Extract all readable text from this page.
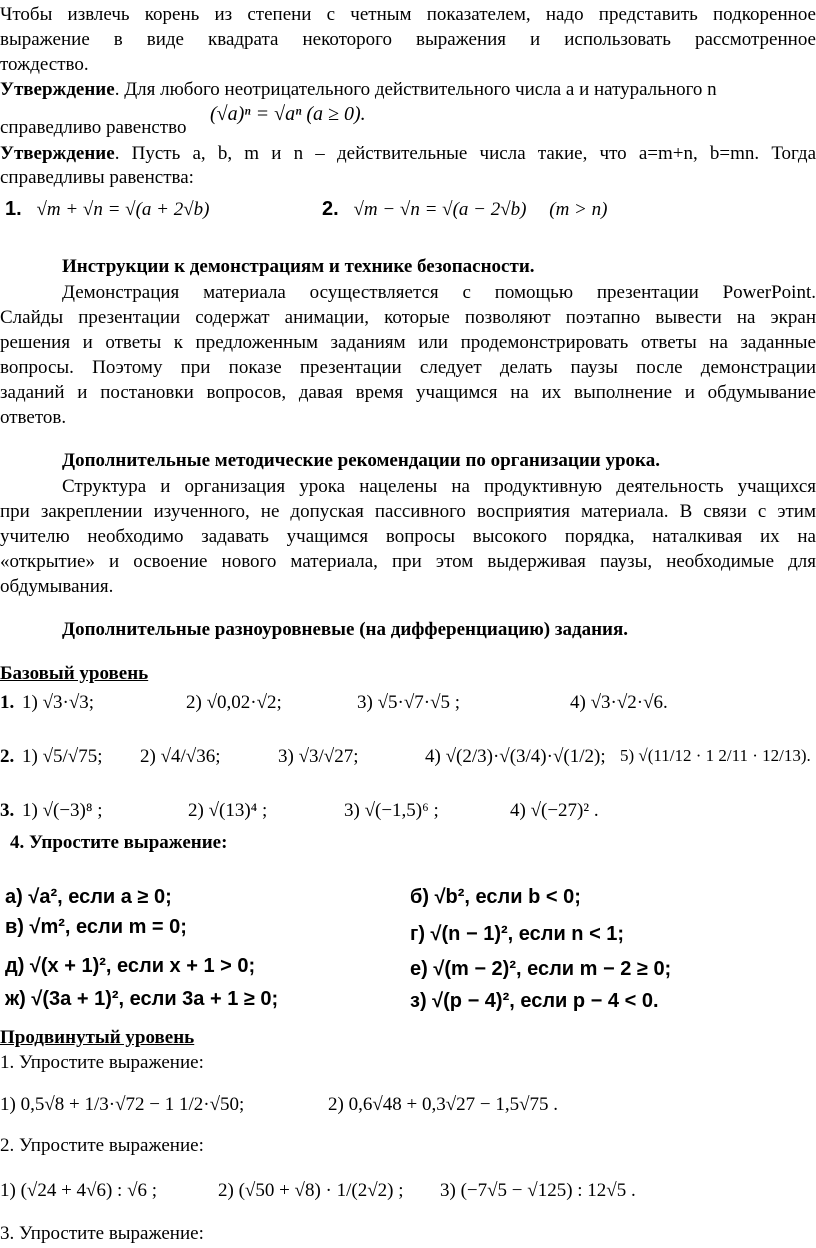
Чтобы извлечь корень из степени с четным показателем, надо представить подкоренное
выражение в виде квадрата некоторого выражения и использовать рассмотренное
тождество.
Утверждение. Для любого неотрицательного действительного числа а и натурального n
справедливо равенство
(√a)ⁿ = √aⁿ (a ≥ 0).
Утверждение. Пусть a, b, m и n – действительные числа такие, что a=m+n, b=mn. Тогда
справедливы равенства:
1. √m + √n = √(a + 2√b)	2. √m − √n = √(a − 2√b) (m > n)
Инструкции к демонстрациям и технике безопасности.
Демонстрация материала осуществляется с помощью презентации PowerPoint.
Слайды презентации содержат анимации, которые позволяют поэтапно вывести на экран
решения и ответы к предложенным заданиям или продемонстрировать ответы на заданные
вопросы. Поэтому при показе презентации следует делать паузы после демонстрации
заданий и постановки вопросов, давая время учащимся на их выполнение и обдумывание
ответов.
Дополнительные методические рекомендации по организации урока.
Структура и организация урока нацелены на продуктивную деятельность учащихся
при закреплении изученного, не допуская пассивного восприятия материала. В связи с этим
учителю необходимо задавать учащимся вопросы высокого порядка, наталкивая их на
«открытие» и освоение нового материала, при этом выдерживая паузы, необходимые для
обдумывания.
Дополнительные разноуровневые (на дифференциацию) задания.
Базовый уровень
1. 1) √3·√3;	2) √0,02·√2;	3) √5·√7·√5 ;	4) √3·√2·√6.
2. 1) √5/√75; 2) √4/√36;	3) √3/√27;	4) √(2/3)·√(3/4)·√(1/2); 5) √(11/12 · 1 2/11 · 12/13).
3. 1) √(−3)⁸ ;	2) √(13)⁴ ;	3) √(−1,5)⁶ ;	4) √(−27)² .
4. Упростите выражение:
а) √a², если a ≥ 0;	б) √b², если b < 0;
в) √m², если m = 0;	г) √(n − 1)², если n < 1;
д) √(x + 1)², если x + 1 > 0;	е) √(m − 2)², если m − 2 ≥ 0;
ж) √(3a + 1)², если 3a + 1 ≥ 0;	з) √(p − 4)², если p − 4 < 0.
Продвинутый уровень
1. Упростите выражение:
1) 0,5√8 + 1/3·√72 − 1 1/2·√50;	2) 0,6√48 + 0,3√27 − 1,5√75 .
2. Упростите выражение:
1) (√24 + 4√6) : √6 ;	2) (√50 + √8) · 1/(2√2) ; 3) (−7√5 − √125) : 12√5 .
3. Упростите выражение:
